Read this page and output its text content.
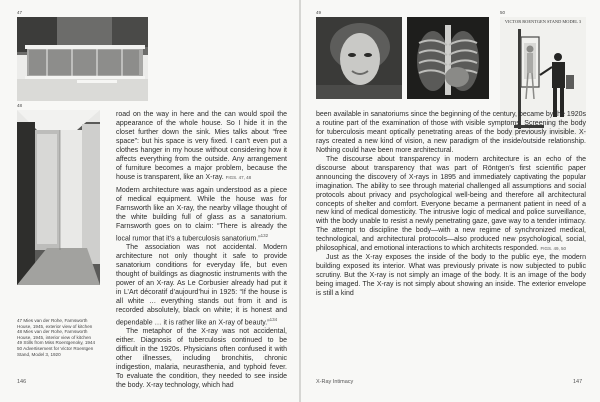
47
48

road on the way in here and the can would spoil the appearance of the whole house. So I hide it in the closet further down the sink. Mies talks about “free space”: but his space is very fixed. I can’t even put a clothes hanger in my house without considering how it affects everything from the outside. Any arrangement of furniture becomes a major problem, because the house is transparent, like an X-ray. FIGS. 47, 48

Modern architecture was again understood as a piece of medical equipment. While the house was for Farnsworth like an X-ray, the nearby village thought of the white building full of glass as a sanatorium. Farnsworth goes on to claim: “There is already the local rumor that it’s a tuberculosis sanatorium.”$^{132}$

The association was not accidental. Modern architecture not only thought it safe to provide sanatorium conditions for everyday life, but even thought of buildings as diagnostic instruments with the power of an X-ray. As Le Corbusier already had put it in L’Art décoratif d’aujourd’hui in 1925: “If the house is all white … everything stands out from it and is recorded absolutely, black on white; it is honest and dependable … it is rather like an X-ray of beauty.”$^{134}$

The metaphor of the X-ray was not accidental, either. Diagnosis of tuberculosis continued to be difficult in the 1920s. Physicians often confused it with other illnesses, including bronchitis, chronic indigestion, malaria, neurasthenia, and typhoid fever. To evaluate the condition, they needed to see inside the body. X-ray technology, which had

47 Mies van der Rohe, Farnsworth
House, 1945, exterior view of kitchen
48 Mies van der Rohe, Farnsworth
House, 1945, interior view of kitchen
49 Stills from Miss Roentgenoky, 1944
50 Advertisement for Victor Roentgen
Stand, Model 3, 1920
146
49	50
VICTOR ROENTGEN STAND MODEL 3

been available in sanatoriums since the beginning of the century, became by the 1920s a routine part of the examination of those with visible symptoms. Screening the body for tuberculosis meant optically penetrating areas of the body previously invisible. X-rays created a new kind of vision, a new paradigm of the inside/outside relationship. Nothing could have been more architectural.

The discourse about transparency in modern architecture is an echo of the discourse about transparency that was part of Röntgen’s first scientific paper announcing the discovery of X-rays in 1895 and immediately captivating the popular imagination. The ability to see through material challenged all assumptions and social protocols about privacy and psychological well-being and therefore all architectural concepts of shelter and comfort. Everyone became a permanent patient in need of a new kind of medical domesticity. The intrusive logic of medical and police surveillance, with the body unable to resist a newly penetrating gaze, gave way to a tender intimacy. The attempt to discipline the body—with a new regime of synchronized medical, technological, and architectural protocols—also produced new psychological, social, philosophical, and emotional interactions to which architects responded. FIGS. 49, 50

Just as the X-ray exposes the inside of the body to the public eye, the modern building exposed its interior. What was previously private is now subjected to public scrutiny. But the X-ray is not simply an image of the body. It is an image of the body being imaged. The X-ray is not simply about showing an inside. The exterior envelope is still a kind

X-Ray Intimacy	147
